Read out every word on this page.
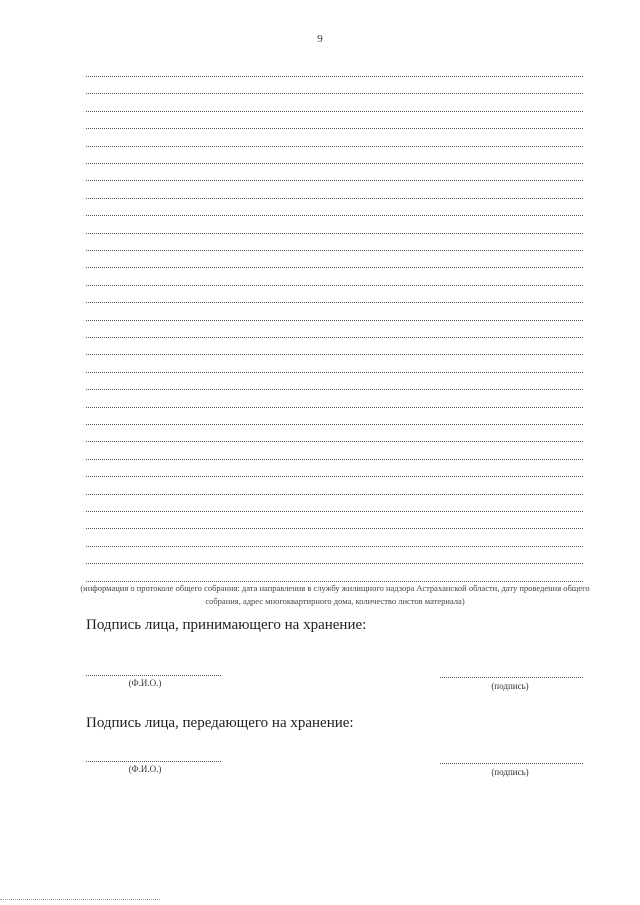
9
(информация о протоколе общего собрания: дата направления в службу жилищного надзора Астраханской области, дату проведения общего собрания, адрес многоквартирного дома, количество листов материала)
Подпись лица, принимающего на хранение:
(Ф.И.О.)	(подпись)
Подпись лица, передающего на хранение:
(Ф.И.О.)	(подпись)
